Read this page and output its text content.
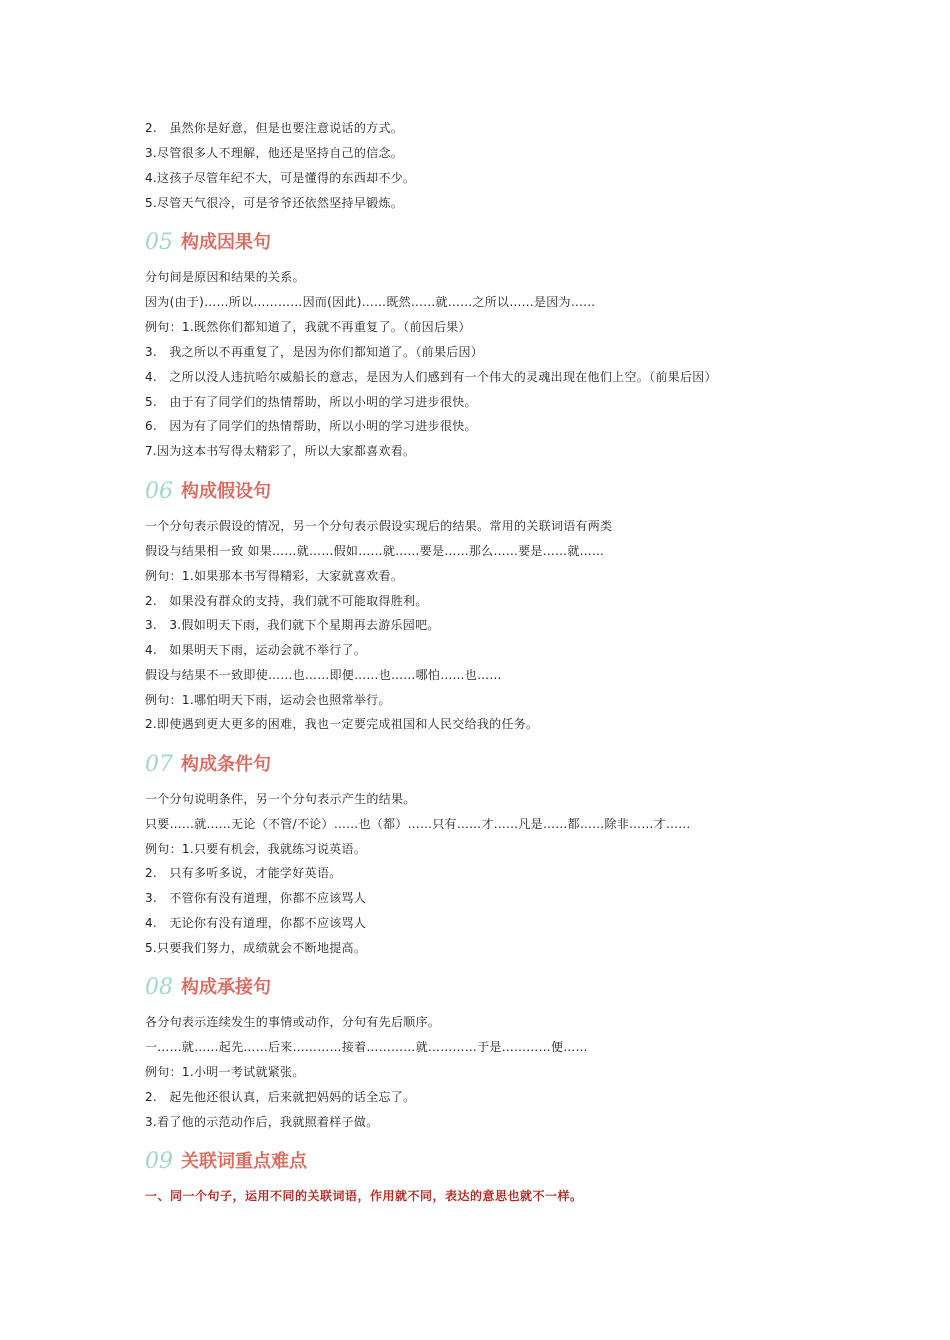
2.　虽然你是好意，但是也要注意说话的方式。
3.尽管很多人不理解，他还是坚持自己的信念。
4.这孩子尽管年纪不大，可是懂得的东西却不少。
5.尽管天气很冷，可是爷爷还依然坚持早锻炼。
05 构成因果句
分句间是原因和结果的关系。
因为(由于)……所以…………因而(因此)……既然……就……之所以……是因为……
例句：1.既然你们都知道了，我就不再重复了。（前因后果）
3.　我之所以不再重复了，是因为你们都知道了。（前果后因）
4.　之所以没人违抗哈尔威船长的意志，是因为人们感到有一个伟大的灵魂出现在他们上空。（前果后因）
5.　由于有了同学们的热情帮助，所以小明的学习进步很快。
6.　因为有了同学们的热情帮助，所以小明的学习进步很快。
7.因为这本书写得太精彩了，所以大家都喜欢看。
06 构成假设句
一个分句表示假设的情况，另一个分句表示假设实现后的结果。常用的关联词语有两类
假设与结果相一致 如果……就……假如……就……要是……那么……要是……就……
例句：1.如果那本书写得精彩，大家就喜欢看。
2.　如果没有群众的支持，我们就不可能取得胜利。
3.　3.假如明天下雨，我们就下个星期再去游乐园吧。
4.　如果明天下雨，运动会就不举行了。
假设与结果不一致即使……也……即便……也……哪怕……也……
例句：1.哪怕明天下雨，运动会也照常举行。
2.即使遇到更大更多的困难，我也一定要完成祖国和人民交给我的任务。
07 构成条件句
一个分句说明条件，另一个分句表示产生的结果。
只要……就……无论（不管/不论）……也（都）……只有……才……凡是……都……除非……才……
例句：1.只要有机会，我就练习说英语。
2.　只有多听多说，才能学好英语。
3.　不管你有没有道理，你都不应该骂人
4.　无论你有没有道理，你都不应该骂人
5.只要我们努力，成绩就会不断地提高。
08 构成承接句
各分句表示连续发生的事情或动作，分句有先后顺序。
一……就……起先……后来…………接着…………就…………于是…………便……
例句：1.小明一考试就紧张。
2.　起先他还很认真，后来就把妈妈的话全忘了。
3.看了他的示范动作后，我就照着样子做。
09 关联词重点难点
一、同一个句子，运用不同的关联词语，作用就不同，表达的意思也就不一样。
